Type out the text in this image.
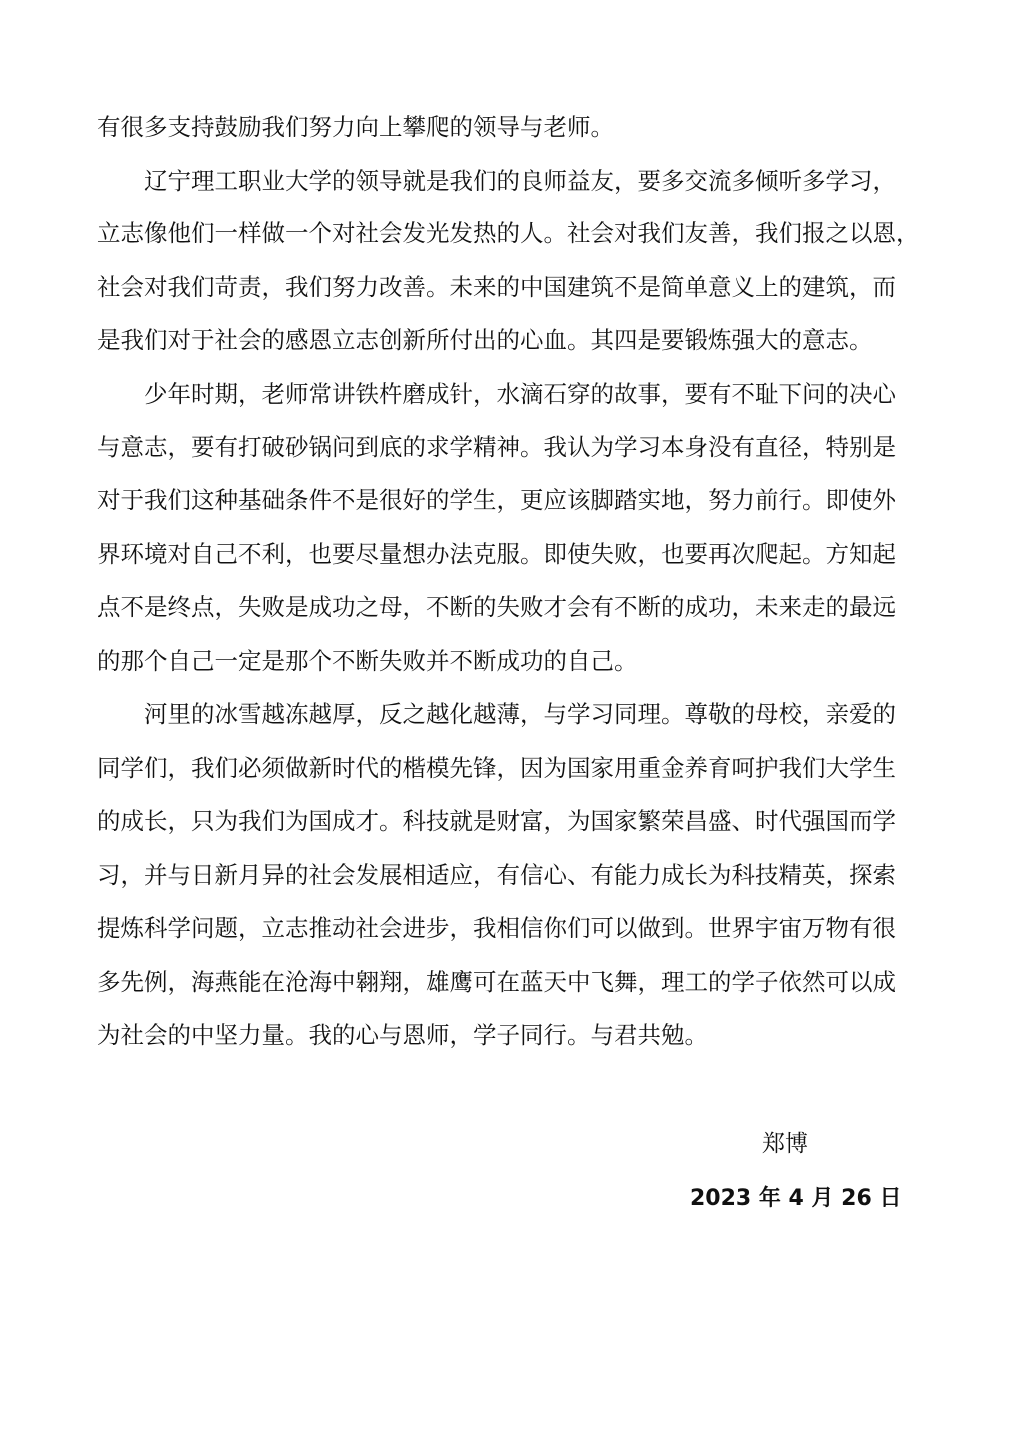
有很多支持鼓励我们努力向上攀爬的领导与老师。
辽宁理工职业大学的领导就是我们的良师益友，要多交流多倾听多学习，
立志像他们一样做一个对社会发光发热的人。社会对我们友善，我们报之以恩，
社会对我们苛责，我们努力改善。未来的中国建筑不是简单意义上的建筑，而
是我们对于社会的感恩立志创新所付出的心血。其四是要锻炼强大的意志。
少年时期，老师常讲铁杵磨成针，水滴石穿的故事，要有不耻下问的决心
与意志，要有打破砂锅问到底的求学精神。我认为学习本身没有直径，特别是
对于我们这种基础条件不是很好的学生，更应该脚踏实地，努力前行。即使外
界环境对自己不利，也要尽量想办法克服。即使失败，也要再次爬起。方知起
点不是终点，失败是成功之母，不断的失败才会有不断的成功，未来走的最远
的那个自己一定是那个不断失败并不断成功的自己。
河里的冰雪越冻越厚，反之越化越薄，与学习同理。尊敬的母校，亲爱的
同学们，我们必须做新时代的楷模先锋，因为国家用重金养育呵护我们大学生
的成长，只为我们为国成才。科技就是财富，为国家繁荣昌盛、时代强国而学
习，并与日新月异的社会发展相适应，有信心、有能力成长为科技精英，探索
提炼科学问题，立志推动社会进步，我相信你们可以做到。世界宇宙万物有很
多先例，海燕能在沧海中翱翔，雄鹰可在蓝天中飞舞，理工的学子依然可以成
为社会的中坚力量。我的心与恩师，学子同行。与君共勉。
郑博
2023 年 4 月 26 日
